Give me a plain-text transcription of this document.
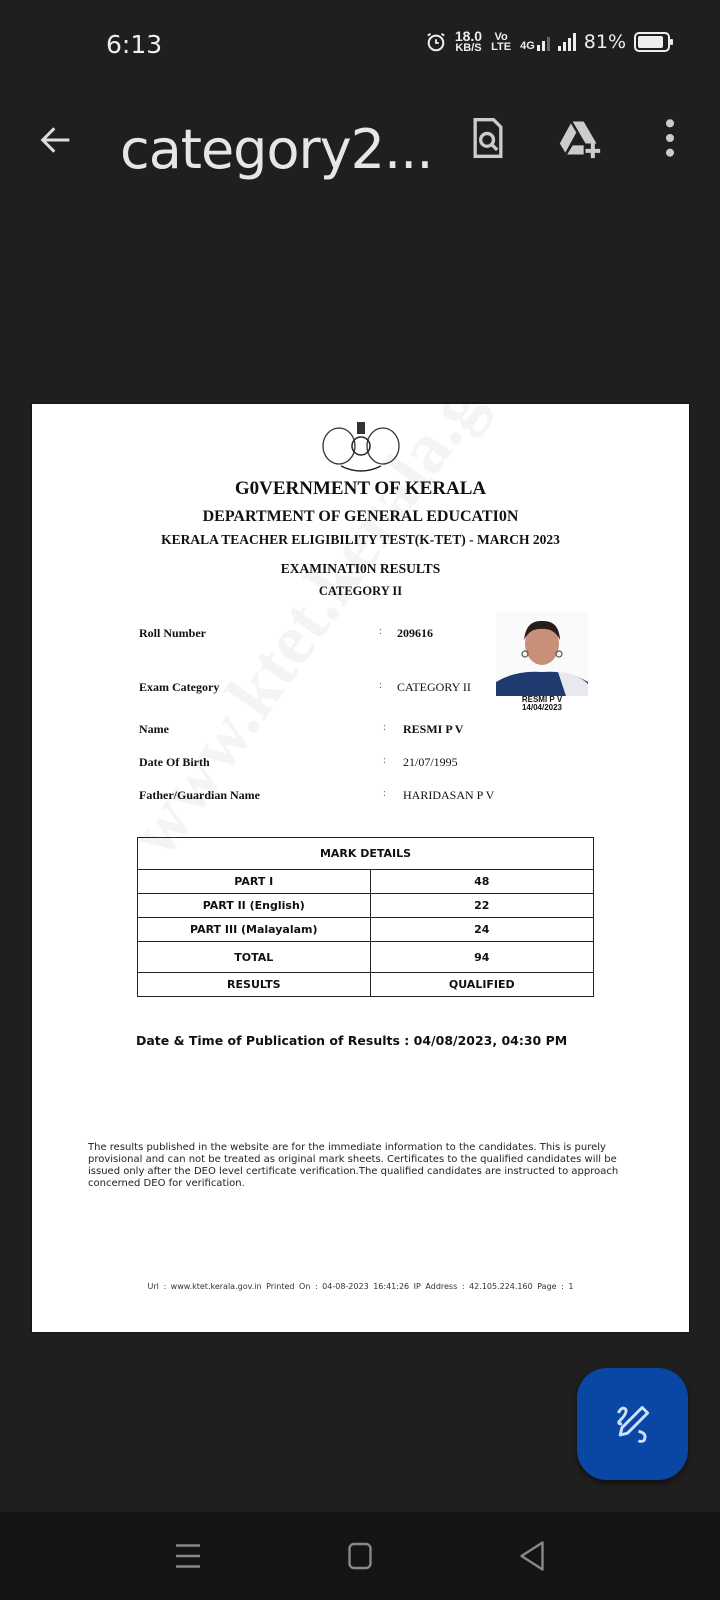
6:13	18.0
KB/S
Vo LTE 4G	81%
category2...
G0VERNMENT OF KERALA
DEPARTMENT OF GENERAL EDUCATI0N
KERALA TEACHER ELIGIBILITY TEST(K-TET) - MARCH 2023
EXAMINATI0N RESULTS
CATEGORY II
Roll Number	: 209616
Exam Category	: CATEGORY II
Name	: RESMI P V
Date Of Birth	: 21/07/1995
Father/Guardian Name	: HARIDASAN P V
RESMI P V
14/04/2023
MARK DETAILS	
PART I	48
PART II (English)	22
PART III (Malayalam)	24
TOTAL	94
RESULTS	QUALIFIED
Date & Time of Publication of Results : 04/08/2023, 04:30 PM
The results published in the website are for the immediate information to the candidates. This is purely provisional and can not be treated as original mark sheets. Certificates to the qualified candidates will be issued only after the DEO level certificate verification.The qualified candidates are instructed to approach concerned DEO for verification.
Url : www.ktet.kerala.gov.in Printed On : 04-08-2023 16:41:26 IP Address : 42.105.224.160 Page : 1
